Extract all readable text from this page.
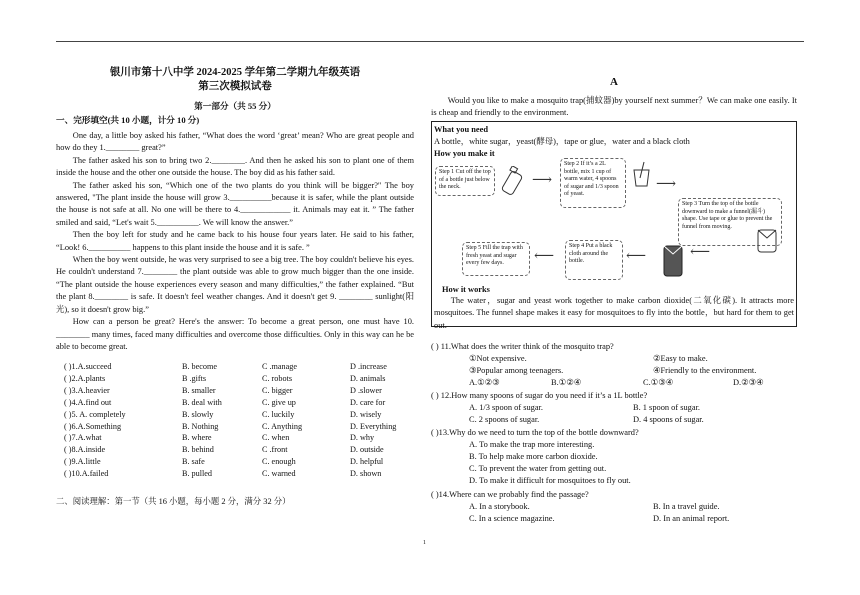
银川市第十八中学 2024-2025 学年第二学期九年级英语
第三次模拟试卷
第一部分（共 55 分）
一、完形填空(共 10 小题，计分 10 分)

One day, a little boy asked his father, “What does the word ‘great’ mean? Who are great people and how do they 1.________ great?”

The father asked his son to bring two 2.________. And then he asked his son to plant one of them inside the house and the other one outside the house. The boy did as his father said.

The father asked his son, “Which one of the two plants do you think will be bigger?" The boy answered, "The plant inside the house will grow 3.__________because it is safer, while the plant outside the house is not safe at all. No one will be there to 4.____________ it. Animals may eat it. ” The father smiled and said, “Let's wait 5.__________. We will know the answer.”

Then the boy left for study and he came back to his house four years later. He said to his father, “Look! 6.__________ happens to this plant inside the house and it is safe. ”

When the boy went outside, he was very surprised to see a big tree. The boy couldn't believe his eyes. He couldn't understand 7.________ the plant outside was able to grow much bigger than the one inside. “The plant outside the house experiences every season and many difficulties,” the father explained. “But the plant 8.________ is safe. It doesn't feel weather changes. And it doesn't get 9. ________ sunlight(阳光), so it doesn't grow big.”

How can a person be great? Here's the answer: To become a great person, one must have 10. ________ many times, faced many difficulties and overcome those difficulties. Only in this way can he be able to become great.

( )1.A.succeed	B. become	C .manage	D .increase
( )2.A.plants	B .gifts	C. robots	D. animals
( )3.A.heavier	B. smaller	C. bigger	D .slower
( )4.A.find out	B. deal with	C. give up	D. care for
( )5. A. completely	B. slowly	C. luckily	D. wisely
( )6.A.Something	B. Nothing	C. Anything	D. Everything
( )7.A.what	B. where	C. when	D. why
( )8.A.inside	B. behind	C .front	D. outside
( )9.A.little	B. safe	C. enough	D. helpful
( )10.A.failed	B. pulled	C. warned	D. shown
二、阅读理解：第一节（共 16 小题，每小题 2 分，满分 32 分）
A
Would you like to make a mosquito trap(捕蚊器)by yourself next summer？We can make one easily. It is cheap and friendly to the environment.
What you need
A bottle，white sugar，yeast(酵母)，tape or glue，water and a black cloth
How you make it
Step 1 Cut off the top of a bottle just below the neck.	⟶
Step 2 If it’s a 2L bottle, mix 1 cup of warm water, 4 spoons of sugar and 1/3 spoon of yeast.
⟶
Step 3 Turn the top of the bottle downward to make a funnel(漏斗) shape. Use tape or glue to prevent the funnel from moving.
Step 4 Put a black cloth around the bottle.	⟵	⟵
Step 5 Fill the trap with fresh yeast and sugar every few days.	⟵
How it works
The water，sugar and yeast work together to make carbon dioxide(二氧化碳). It attracts more mosquitoes. The funnel shape makes it easy for mosquitoes to fly into the bottle，but hard for them to get out.
( ) 11.What does the writer think of the mosquito trap?
①Not expensive.	②Easy to make.
③Popular among teenagers.	④Friendly to the environment.
A.①②③	B.①②④	C.①③④	D.②③④
( ) 12.How many spoons of sugar do you need if it’s a 1L bottle?
A. 1/3 spoon of sugar.	B. 1 spoon of sugar.
C. 2 spoons of sugar.	D. 4 spoons of sugar.
( )13.Why do we need to turn the top of the bottle downward?
A. To make the trap more interesting.
B. To help make more carbon dioxide.
C. To prevent the water from getting out.
D. To make it difficult for mosquitoes to fly out.
( )14.Where can we probably find the passage?
A. In a storybook.	B. In a travel guide.
C. In a science magazine.	D. In an animal report.
1
